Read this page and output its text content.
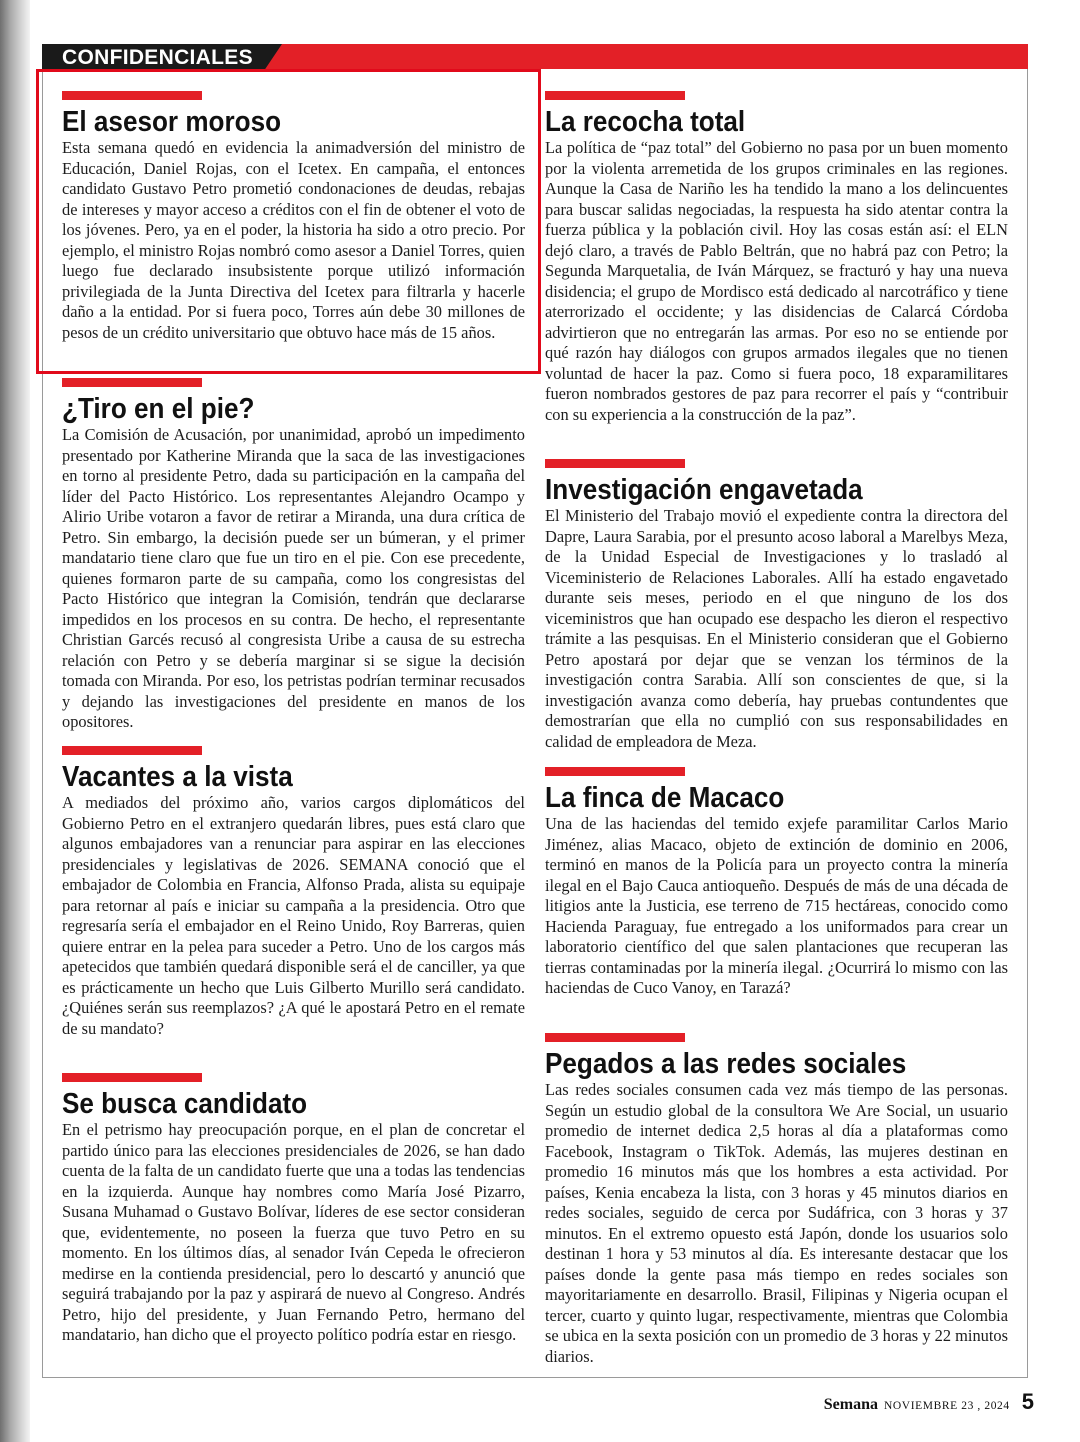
CONFIDENCIALES
El asesor moroso

Esta semana quedó en evidencia la animadversión del ministro de Educación, Daniel Rojas, con el Icetex. En campaña, el entonces candidato Gustavo Petro prometió condonaciones de deudas, rebajas de intereses y mayor acceso a créditos con el fin de obtener el voto de los jóvenes. Pero, ya en el poder, la historia ha sido a otro precio. Por ejemplo, el ministro Rojas nombró como asesor a Daniel Torres, quien luego fue declarado insubsistente porque utilizó información privilegiada de la Junta Directiva del Icetex para filtrarla y hacerle daño a la entidad. Por si fuera poco, Torres aún debe 30 millones de pesos de un crédito universitario que obtuvo hace más de 15 años.

¿Tiro en el pie?

La Comisión de Acusación, por unanimidad, aprobó un impedimento presentado por Katherine Miranda que la saca de las investigaciones en torno al presidente Petro, dada su participación en la campaña del líder del Pacto Histórico. Los representantes Alejandro Ocampo y Alirio Uribe votaron a favor de retirar a Miranda, una dura crítica de Petro. Sin embargo, la decisión puede ser un búmeran, y el primer mandatario tiene claro que fue un tiro en el pie. Con ese precedente, quienes formaron parte de su campaña, como los congresistas del Pacto Histórico que integran la Comisión, tendrán que declararse impedidos en los procesos en su contra. De hecho, el representante Christian Garcés recusó al congresista Uribe a causa de su estrecha relación con Petro y se debería marginar si se sigue la decisión tomada con Miranda. Por eso, los petristas podrían terminar recusados y dejando las investigaciones del presidente en manos de los opositores.

Vacantes a la vista

A mediados del próximo año, varios cargos diplomáticos del Gobierno Petro en el extranjero quedarán libres, pues está claro que algunos embajadores van a renunciar para aspirar en las elecciones presidenciales y legislativas de 2026. SEMANA conoció que el embajador de Colombia en Francia, Alfonso Prada, alista su equipaje para retornar al país e iniciar su campaña a la presidencia. Otro que regresaría sería el embajador en el Reino Unido, Roy Barreras, quien quiere entrar en la pelea para suceder a Petro. Uno de los cargos más apetecidos que también quedará disponible será el de canciller, ya que es prácticamente un hecho que Luis Gilberto Murillo será candidato. ¿Quiénes serán sus reemplazos? ¿A qué le apostará Petro en el remate de su mandato?

Se busca candidato

En el petrismo hay preocupación porque, en el plan de concretar el partido único para las elecciones presidenciales de 2026, se han dado cuenta de la falta de un candidato fuerte que una a todas las tendencias en la izquierda. Aunque hay nombres como María José Pizarro, Susana Muhamad o Gustavo Bolívar, líderes de ese sector consideran que, evidentemente, no poseen la fuerza que tuvo Petro en su momento. En los últimos días, al senador Iván Cepeda le ofrecieron medirse en la contienda presidencial, pero lo descartó y anunció que seguirá trabajando por la paz y aspirará de nuevo al Congreso. Andrés Petro, hijo del presidente, y Juan Fernando Petro, hermano del mandatario, han dicho que el proyecto político podría estar en riesgo.

La recocha total

La política de “paz total” del Gobierno no pasa por un buen momento por la violenta arremetida de los grupos criminales en las regiones. Aunque la Casa de Nariño les ha tendido la mano a los delincuentes para buscar salidas negociadas, la respuesta ha sido atentar contra la fuerza pública y la población civil. Hoy las cosas están así: el ELN dejó claro, a través de Pablo Beltrán, que no habrá paz con Petro; la Segunda Marquetalia, de Iván Márquez, se fracturó y hay una nueva disidencia; el grupo de Mordisco está dedicado al narcotráfico y tiene aterrorizado el occidente; y las disidencias de Calarcá Córdoba advirtieron que no entregarán las armas. Por eso no se entiende por qué razón hay diálogos con grupos armados ilegales que no tienen voluntad de hacer la paz. Como si fuera poco, 18 exparamilitares fueron nombrados gestores de paz para recorrer el país y “contribuir con su experiencia a la construcción de la paz”.

Investigación engavetada

El Ministerio del Trabajo movió el expediente contra la directora del Dapre, Laura Sarabia, por el presunto acoso laboral a Marelbys Meza, de la Unidad Especial de Investigaciones y lo trasladó al Viceministerio de Relaciones Laborales. Allí ha estado engavetado durante seis meses, periodo en el que ninguno de los dos viceministros que han ocupado ese despacho les dieron el respectivo trámite a las pesquisas. En el Ministerio consideran que el Gobierno Petro apostará por dejar que se venzan los términos de la investigación contra Sarabia. Allí son conscientes de que, si la investigación avanza como debería, hay pruebas contundentes que demostrarían que ella no cumplió con sus responsabilidades en calidad de empleadora de Meza.

La finca de Macaco

Una de las haciendas del temido exjefe paramilitar Carlos Mario Jiménez, alias Macaco, objeto de extinción de dominio en 2006, terminó en manos de la Policía para un proyecto contra la minería ilegal en el Bajo Cauca antioqueño. Después de más de una década de litigios ante la Justicia, ese terreno de 715 hectáreas, conocido como Hacienda Paraguay, fue entregado a los uniformados para crear un laboratorio científico del que salen plantaciones que recuperan las tierras contaminadas por la minería ilegal. ¿Ocurrirá lo mismo con las haciendas de Cuco Vanoy, en Tarazá?

Pegados a las redes sociales

Las redes sociales consumen cada vez más tiempo de las personas. Según un estudio global de la consultora We Are Social, un usuario promedio de internet dedica 2,5 horas al día a plataformas como Facebook, Instagram o TikTok. Además, las mujeres destinan en promedio 16 minutos más que los hombres a esta actividad. Por países, Kenia encabeza la lista, con 3 horas y 45 minutos diarios en redes sociales, seguido de cerca por Sudáfrica, con 3 horas y 37 minutos. En el extremo opuesto está Japón, donde los usuarios solo destinan 1 hora y 53 minutos al día. Es interesante destacar que los países donde la gente pasa más tiempo en redes sociales son mayoritariamente en desarrollo. Brasil, Filipinas y Nigeria ocupan el tercer, cuarto y quinto lugar, respectivamente, mientras que Colombia se ubica en la sexta posición con un promedio de 3 horas y 22 minutos diarios.

Semana NOVIEMBRE 23 , 2024 5
